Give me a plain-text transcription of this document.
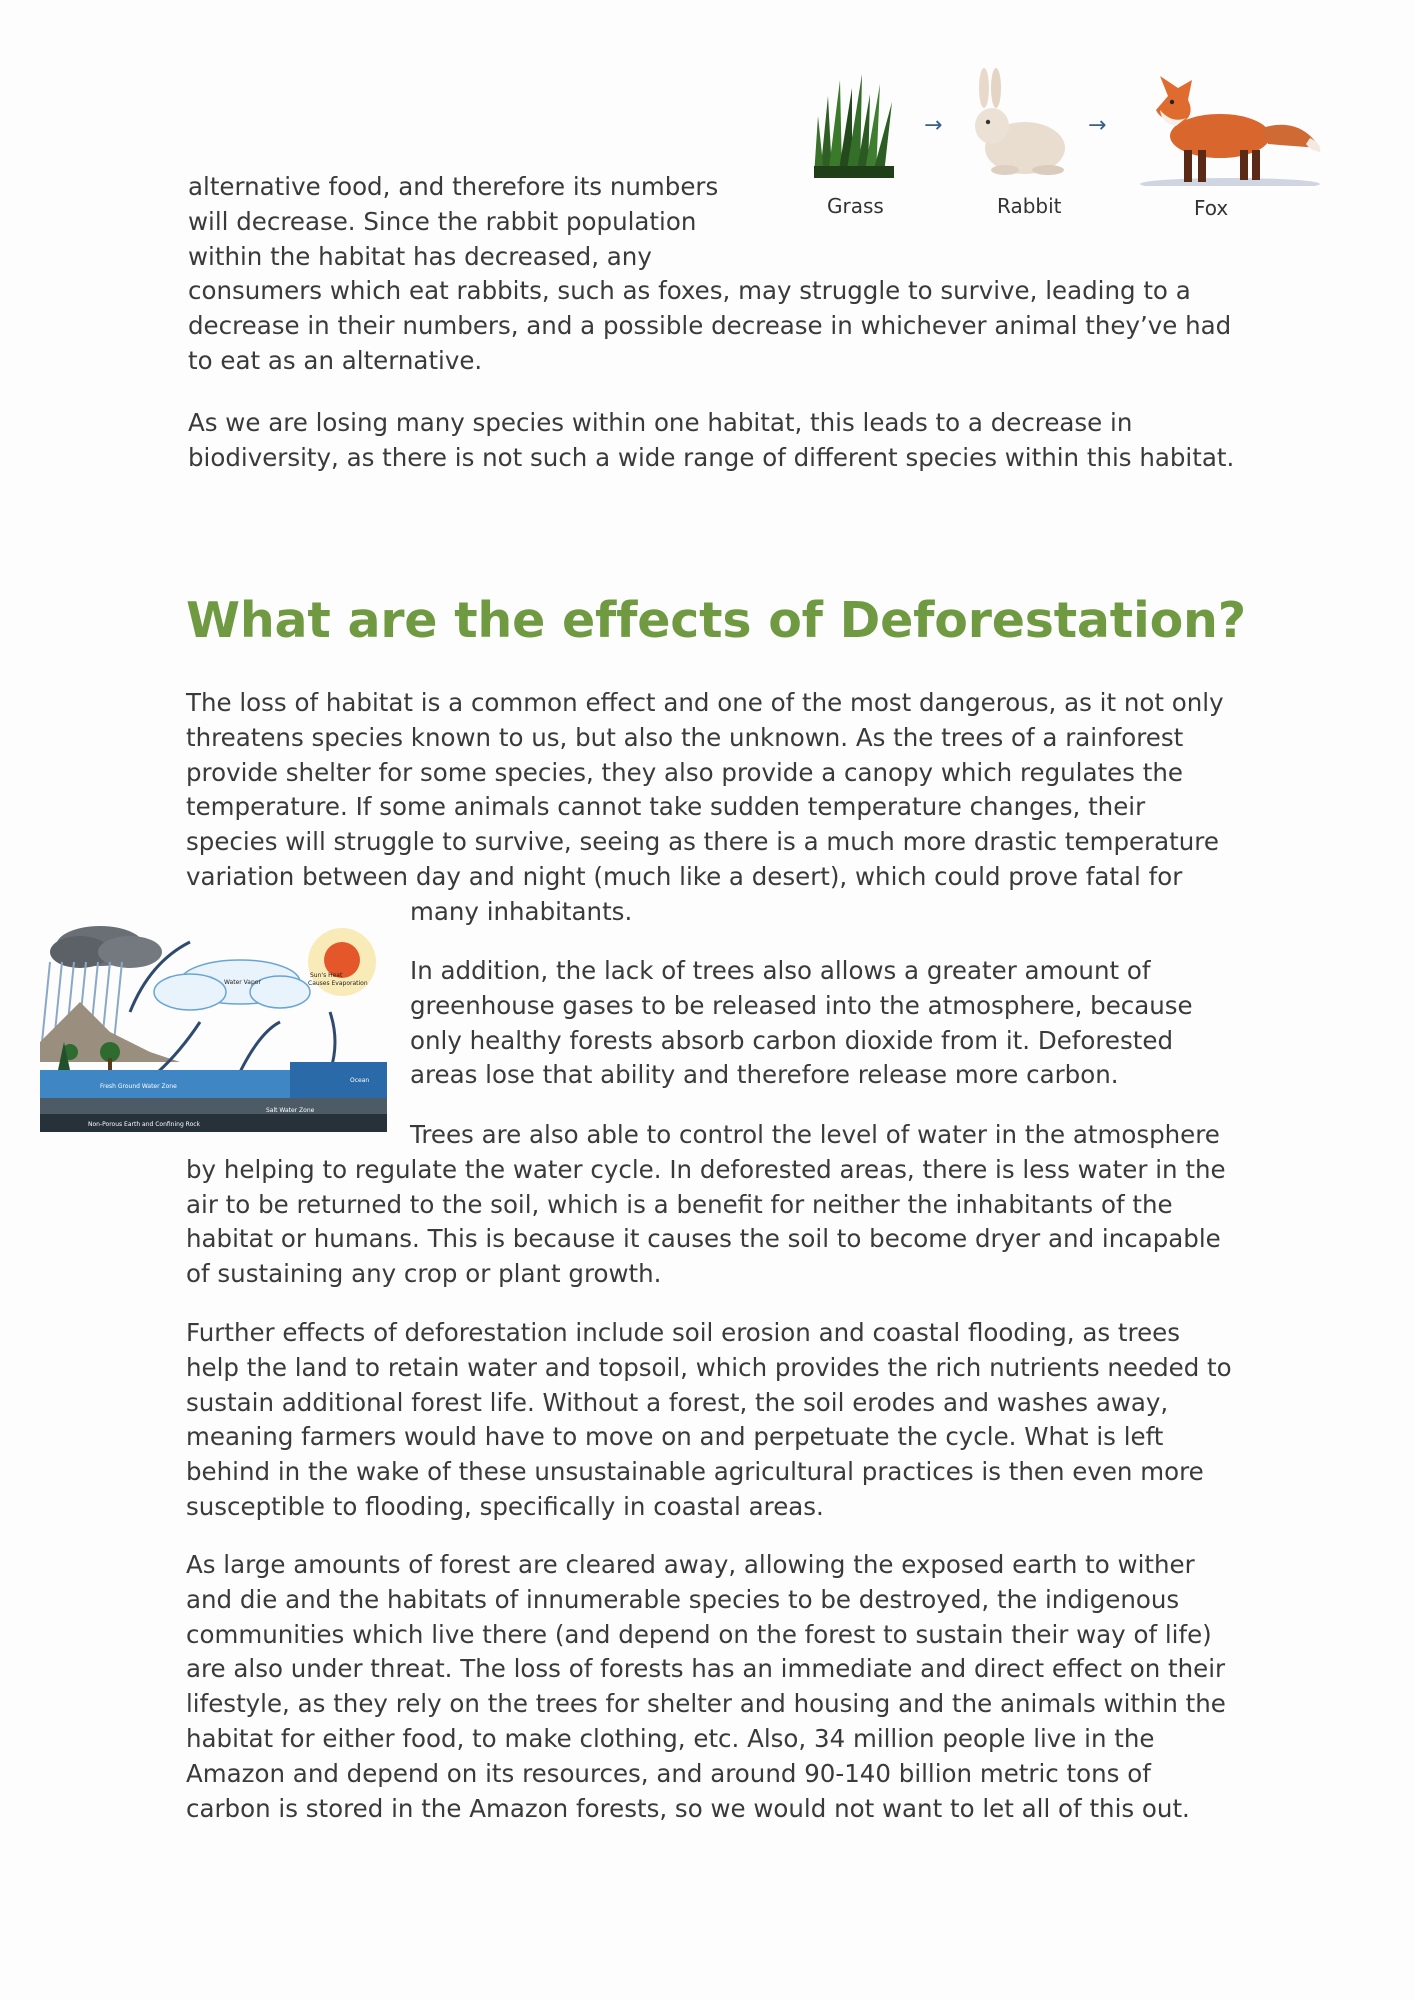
→	→
Grass	Rabbit	Fox

alternative food, and therefore its numbers
will decrease. Since the rabbit population
within the habitat has decreased, any
consumers which eat rabbits, such as foxes, may struggle to survive, leading to a
decrease in their numbers, and a possible decrease in whichever animal they’ve had
to eat as an alternative.

As we are losing many species within one habitat, this leads to a decrease in
biodiversity, as there is not such a wide range of different species within this habitat.

What are the effects of Deforestation?

The loss of habitat is a common effect and one of the most dangerous, as it not only
threatens species known to us, but also the unknown. As the trees of a rainforest
provide shelter for some species, they also provide a canopy which regulates the
temperature. If some animals cannot take sudden temperature changes, their
species will struggle to survive, seeing as there is a much more drastic temperature
variation between day and night (much like a desert), which could prove fatal for
many inhabitants.

Sun's Heat
Causes Evaporation
Water Vapor
Fresh Ground Water Zone
Salt Water Zone
Non-Porous Earth and Confining Rock
Ocean

In addition, the lack of trees also allows a greater amount of
greenhouse gases to be released into the atmosphere, because
only healthy forests absorb carbon dioxide from it. Deforested
areas lose that ability and therefore release more carbon.

Trees are also able to control the level of water in the atmosphere
by helping to regulate the water cycle. In deforested areas, there is less water in the
air to be returned to the soil, which is a benefit for neither the inhabitants of the
habitat or humans. This is because it causes the soil to become dryer and incapable
of sustaining any crop or plant growth.

Further effects of deforestation include soil erosion and coastal flooding, as trees
help the land to retain water and topsoil, which provides the rich nutrients needed to
sustain additional forest life. Without a forest, the soil erodes and washes away,
meaning farmers would have to move on and perpetuate the cycle. What is left
behind in the wake of these unsustainable agricultural practices is then even more
susceptible to flooding, specifically in coastal areas.

As large amounts of forest are cleared away, allowing the exposed earth to wither
and die and the habitats of innumerable species to be destroyed, the indigenous
communities which live there (and depend on the forest to sustain their way of life)
are also under threat. The loss of forests has an immediate and direct effect on their
lifestyle, as they rely on the trees for shelter and housing and the animals within the
habitat for either food, to make clothing, etc. Also, 34 million people live in the
Amazon and depend on its resources, and around 90-140 billion metric tons of
carbon is stored in the Amazon forests, so we would not want to let all of this out.
